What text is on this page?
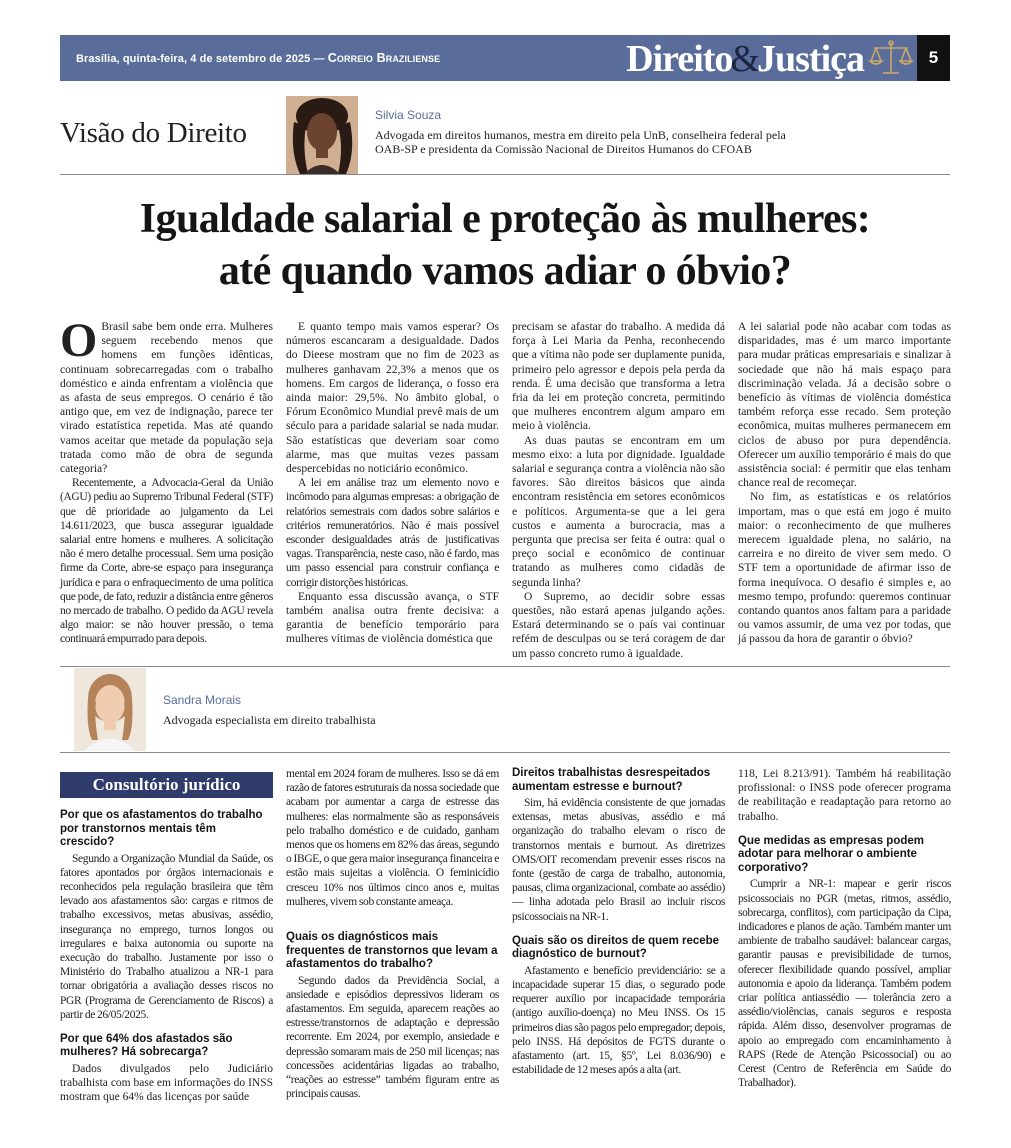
Brasília, quinta-feira, 4 de setembro de 2025 — Correio Braziliense	Direito&Justiça	5
Visão do Direito
Silvia Souza
Advogada em direitos humanos, mestra em direito pela UnB, conselheira federal pela OAB-SP e presidenta da Comissão Nacional de Direitos Humanos do CFOAB
Igualdade salarial e proteção às mulheres:
até quando vamos adiar o óbvio?

O Brasil sabe bem onde erra. Mulheres seguem recebendo menos que homens em funções idênticas, continuam sobrecarregadas com o trabalho doméstico e ainda enfrentam a violência que as afasta de seus empregos. O cenário é tão antigo que, em vez de indignação, parece ter virado estatística repetida. Mas até quando vamos aceitar que metade da população seja tratada como mão de obra de segunda categoria?

Recentemente, a Advocacia-Geral da União (AGU) pediu ao Supremo Tribunal Federal (STF) que dê prioridade ao julgamento da Lei 14.611/2023, que busca assegurar igualdade salarial entre homens e mulheres. A solicitação não é mero detalhe processual. Sem uma posição firme da Corte, abre-se espaço para insegurança jurídica e para o enfraquecimento de uma política que pode, de fato, reduzir a distância entre gêneros no mercado de trabalho. O pedido da AGU revela algo maior: se não houver pressão, o tema continuará empurrado para depois.

E quanto tempo mais vamos esperar? Os números escancaram a desigualdade. Dados do Dieese mostram que no fim de 2023 as mulheres ganhavam 22,3% a menos que os homens. Em cargos de liderança, o fosso era ainda maior: 29,5%. No âmbito global, o Fórum Econômico Mundial prevê mais de um século para a paridade salarial se nada mudar. São estatísticas que deveriam soar como alarme, mas que muitas vezes passam despercebidas no noticiário econômico.

A lei em análise traz um elemento novo e incômodo para algumas empresas: a obrigação de relatórios semestrais com dados sobre salários e critérios remuneratórios. Não é mais possível esconder desigualdades atrás de justificativas vagas. Transparência, neste caso, não é fardo, mas um passo essencial para construir confiança e corrigir distorções históricas.

Enquanto essa discussão avança, o STF também analisa outra frente decisiva: a garantia de benefício temporário para mulheres vítimas de violência doméstica que

precisam se afastar do trabalho. A medida dá força à Lei Maria da Penha, reconhecendo que a vítima não pode ser duplamente punida, primeiro pelo agressor e depois pela perda da renda. É uma decisão que transforma a letra fria da lei em proteção concreta, permitindo que mulheres encontrem algum amparo em meio à violência.

As duas pautas se encontram em um mesmo eixo: a luta por dignidade. Igualdade salarial e segurança contra a violência não são favores. São direitos básicos que ainda encontram resistência em setores econômicos e políticos. Argumenta-se que a lei gera custos e aumenta a burocracia, mas a pergunta que precisa ser feita é outra: qual o preço social e econômico de continuar tratando as mulheres como cidadãs de segunda linha?

O Supremo, ao decidir sobre essas questões, não estará apenas julgando ações. Estará determinando se o país vai continuar refém de desculpas ou se terá coragem de dar um passo concreto rumo à igualdade.

A lei salarial pode não acabar com todas as disparidades, mas é um marco importante para mudar práticas empresariais e sinalizar à sociedade que não há mais espaço para discriminação velada. Já a decisão sobre o benefício às vítimas de violência doméstica também reforça esse recado. Sem proteção econômica, muitas mulheres permanecem em ciclos de abuso por pura dependência. Oferecer um auxílio temporário é mais do que assistência social: é permitir que elas tenham chance real de recomeçar.

No fim, as estatísticas e os relatórios importam, mas o que está em jogo é muito maior: o reconhecimento de que mulheres merecem igualdade plena, no salário, na carreira e no direito de viver sem medo. O STF tem a oportunidade de afirmar isso de forma inequívoca. O desafio é simples e, ao mesmo tempo, profundo: queremos continuar contando quantos anos faltam para a paridade ou vamos assumir, de uma vez por todas, que já passou da hora de garantir o óbvio?

Sandra Morais
Advogada especialista em direito trabalhista
Consultório jurídico
Por que os afastamentos do trabalho por transtornos mentais têm crescido?

Segundo a Organização Mundial da Saúde, os fatores apontados por órgãos internacionais e reconhecidos pela regulação brasileira que têm levado aos afastamentos são: cargas e ritmos de trabalho excessivos, metas abusivas, assédio, insegurança no emprego, turnos longos ou irregulares e baixa autonomia ou suporte na execução do trabalho. Justamente por isso o Ministério do Trabalho atualizou a NR-1 para tornar obrigatória a avaliação desses riscos no PGR (Programa de Gerenciamento de Riscos) a partir de 26/05/2025.

Por que 64% dos afastados são mulheres? Há sobrecarga?

Dados divulgados pelo Judiciário trabalhista com base em informações do INSS mostram que 64% das licenças por saúde

mental em 2024 foram de mulheres. Isso se dá em razão de fatores estruturais da nossa sociedade que acabam por aumentar a carga de estresse das mulheres: elas normalmente são as responsáveis pelo trabalho doméstico e de cuidado, ganham menos que os homens em 82% das áreas, segundo o IBGE, o que gera maior insegurança financeira e estão mais sujeitas a violência. O feminicídio cresceu 10% nos últimos cinco anos e, muitas mulheres, vivem sob constante ameaça.

Quais os diagnósticos mais frequentes de transtornos que levam a afastamentos do trabalho?

Segundo dados da Previdência Social, a ansiedade e episódios depressivos lideram os afastamentos. Em seguida, aparecem reações ao estresse/transtornos de adaptação e depressão recorrente. Em 2024, por exemplo, ansiedade e depressão somaram mais de 250 mil licenças; nas concessões acidentárias ligadas ao trabalho, “reações ao estresse” também figuram entre as principais causas.

Direitos trabalhistas desrespeitados aumentam estresse e burnout?

Sim, há evidência consistente de que jornadas extensas, metas abusivas, assédio e má organização do trabalho elevam o risco de transtornos mentais e burnout. As diretrizes OMS/OIT recomendam prevenir esses riscos na fonte (gestão de carga de trabalho, autonomia, pausas, clima organizacional, combate ao assédio) — linha adotada pelo Brasil ao incluir riscos psicossociais na NR-1.

Quais são os direitos de quem recebe diagnóstico de burnout?

Afastamento e benefício previdenciário: se a incapacidade superar 15 dias, o segurado pode requerer auxílio por incapacidade temporária (antigo auxílio-doença) no Meu INSS. Os 15 primeiros dias são pagos pelo empregador; depois, pelo INSS. Há depósitos de FGTS durante o afastamento (art. 15, §5º, Lei 8.036/90) e estabilidade de 12 meses após a alta (art.

118, Lei 8.213/91). Também há reabilitação profissional: o INSS pode oferecer programa de reabilitação e readaptação para retorno ao trabalho.

Que medidas as empresas podem adotar para melhorar o ambiente corporativo?

Cumprir a NR-1: mapear e gerir riscos psicossociais no PGR (metas, ritmos, assédio, sobrecarga, conflitos), com participação da Cipa, indicadores e planos de ação. Também manter um ambiente de trabalho saudável: balancear cargas, garantir pausas e previsibilidade de turnos, oferecer flexibilidade quando possível, ampliar autonomia e apoio da liderança. Também podem criar política antiassédio — tolerância zero a assédio/violências, canais seguros e resposta rápida. Além disso, desenvolver programas de apoio ao empregado com encaminhamento à RAPS (Rede de Atenção Psicossocial) ou ao Cerest (Centro de Referência em Saúde do Trabalhador).
